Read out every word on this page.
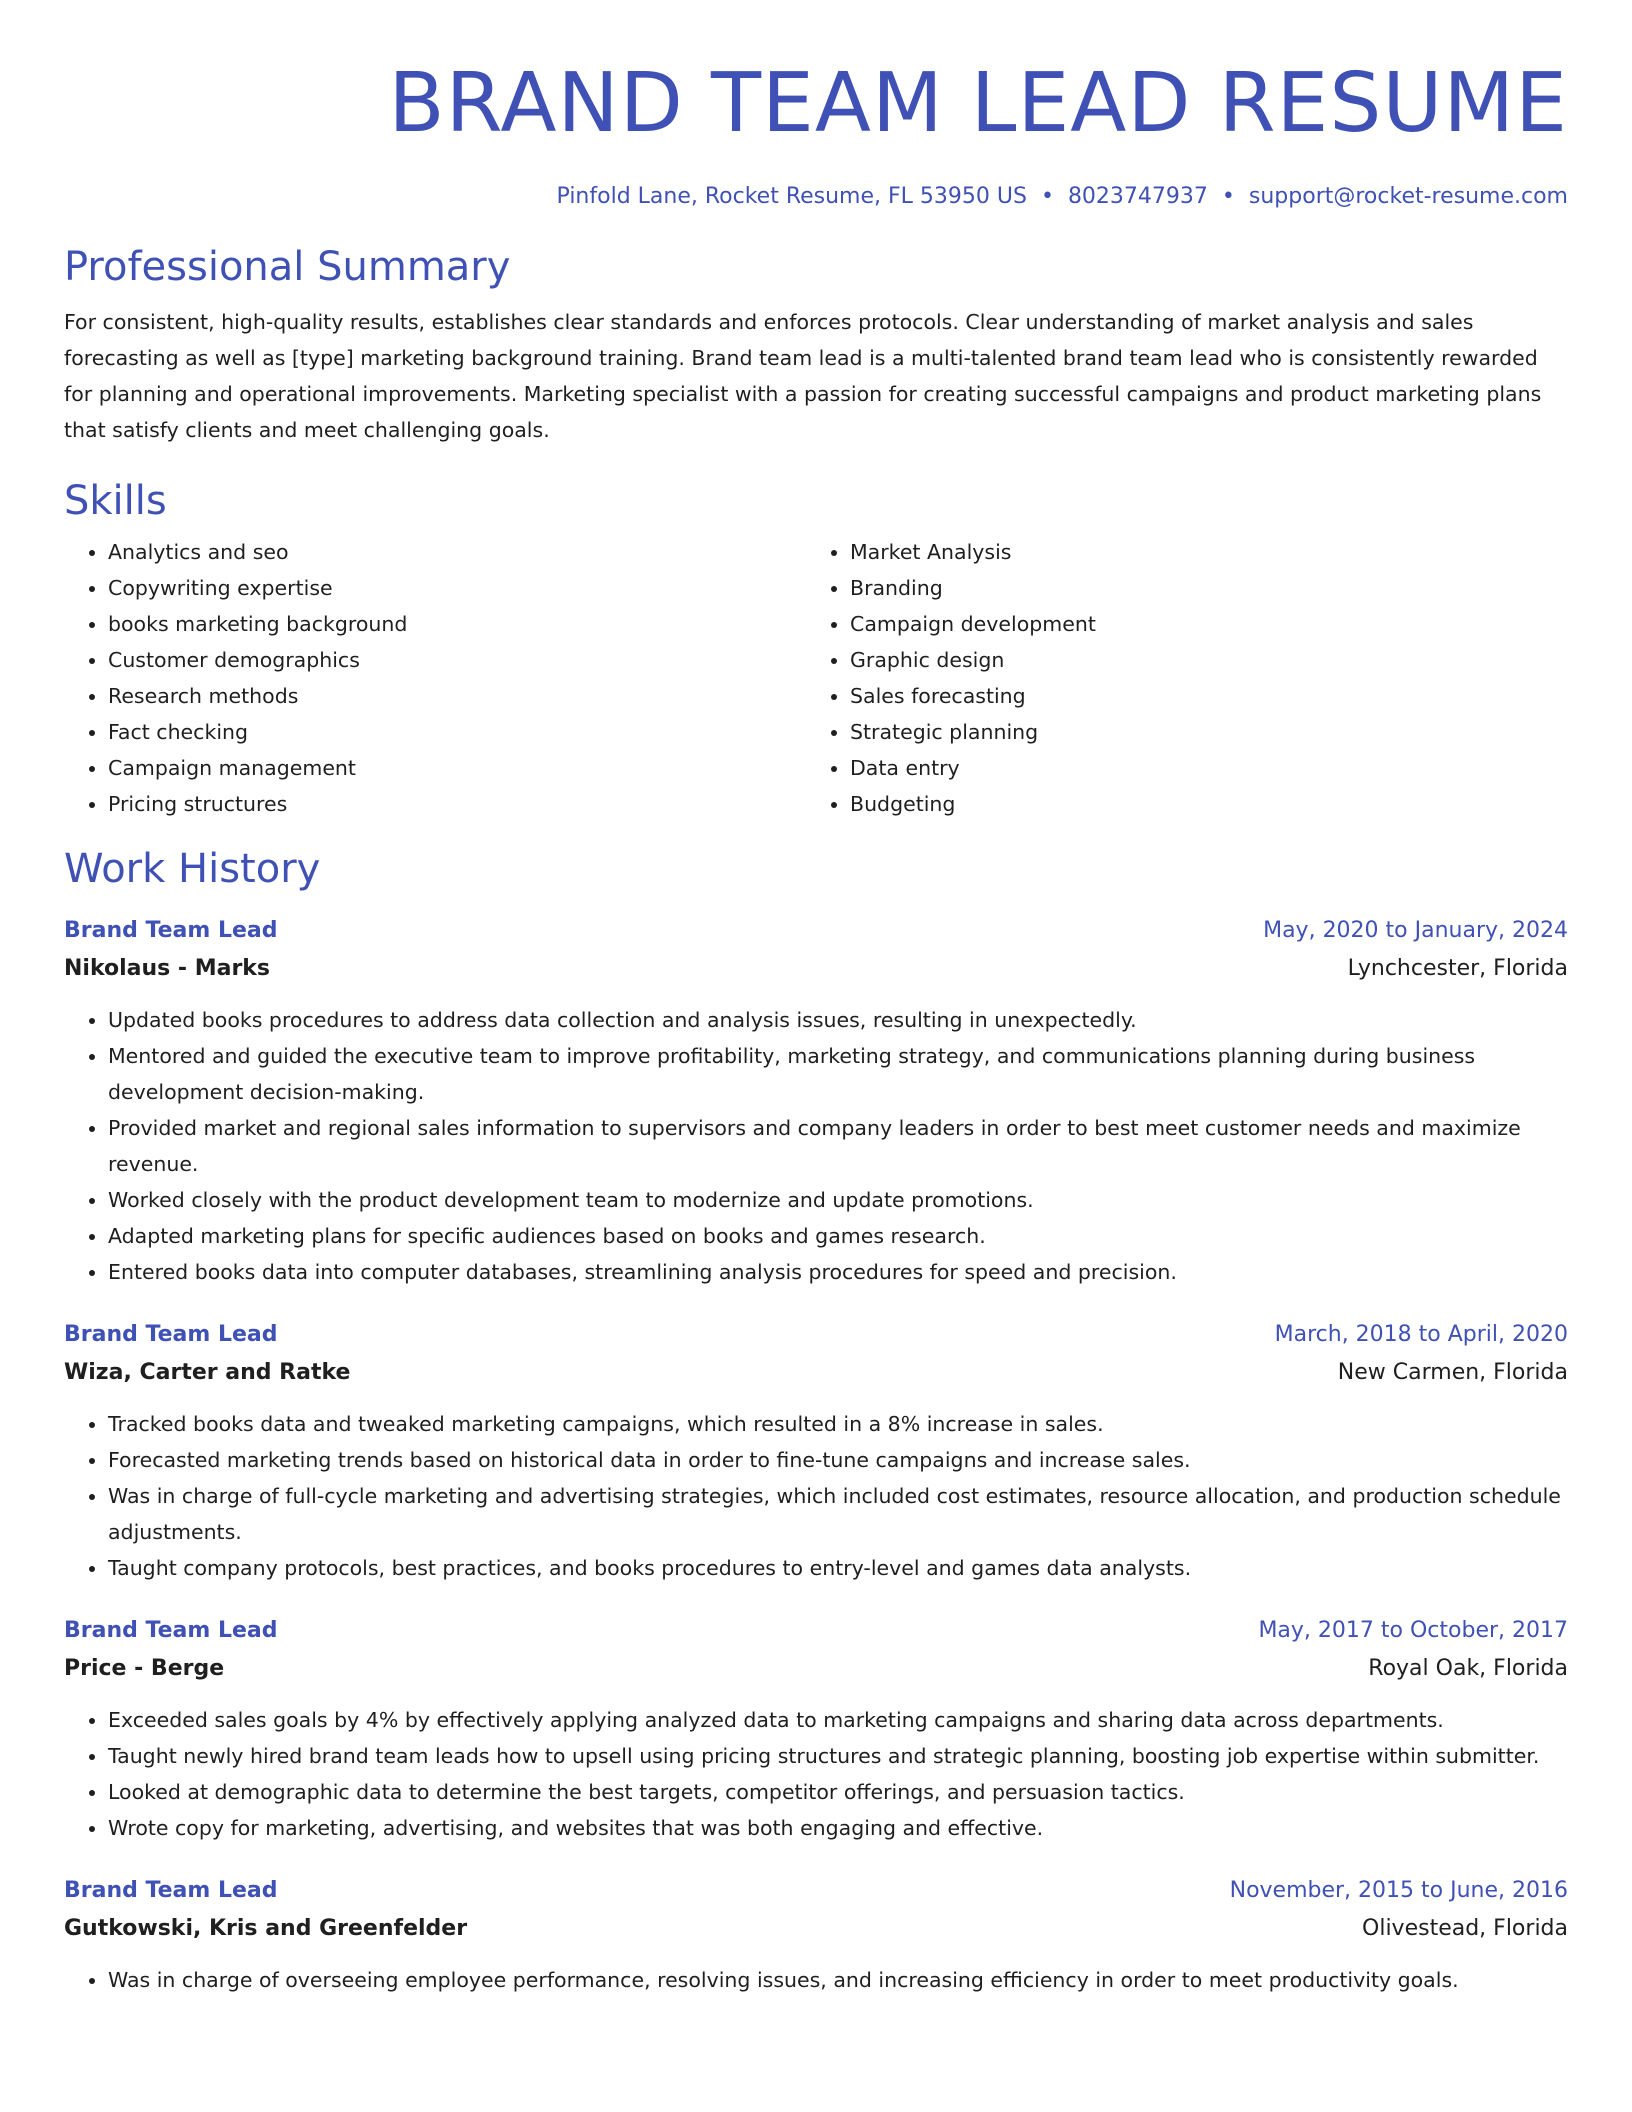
BRAND TEAM LEAD RESUME
Pinfold Lane, Rocket Resume, FL 53950 US • 8023747937 • support@rocket-resume.com
Professional Summary

For consistent, high-quality results, establishes clear standards and enforces protocols. Clear understanding of market analysis and sales forecasting as well as [type] marketing background training. Brand team lead is a multi-talented brand team lead who is consistently rewarded for planning and operational improvements. Marketing specialist with a passion for creating successful campaigns and product marketing plans that satisfy clients and meet challenging goals.

Skills
• Analytics and seo
• Copywriting expertise
• books marketing background
• Customer demographics
• Research methods
• Fact checking
• Campaign management
• Pricing structures
• Market Analysis
• Branding
• Campaign development
• Graphic design
• Sales forecasting
• Strategic planning
• Data entry
• Budgeting
Work History
Brand Team Lead	May, 2020 to January, 2024
Nikolaus - Marks	Lynchcester, Florida
• Updated books procedures to address data collection and analysis issues, resulting in unexpectedly.
• Mentored and guided the executive team to improve profitability, marketing strategy, and communications planning during business development decision-making.
• Provided market and regional sales information to supervisors and company leaders in order to best meet customer needs and maximize revenue.
• Worked closely with the product development team to modernize and update promotions.
• Adapted marketing plans for specific audiences based on books and games research.
• Entered books data into computer databases, streamlining analysis procedures for speed and precision.
Brand Team Lead	March, 2018 to April, 2020
Wiza, Carter and Ratke	New Carmen, Florida
• Tracked books data and tweaked marketing campaigns, which resulted in a 8% increase in sales.
• Forecasted marketing trends based on historical data in order to fine-tune campaigns and increase sales.
• Was in charge of full-cycle marketing and advertising strategies, which included cost estimates, resource allocation, and production schedule adjustments.
• Taught company protocols, best practices, and books procedures to entry-level and games data analysts.
Brand Team Lead	May, 2017 to October, 2017
Price - Berge	Royal Oak, Florida
• Exceeded sales goals by 4% by effectively applying analyzed data to marketing campaigns and sharing data across departments.
• Taught newly hired brand team leads how to upsell using pricing structures and strategic planning, boosting job expertise within submitter.
• Looked at demographic data to determine the best targets, competitor offerings, and persuasion tactics.
• Wrote copy for marketing, advertising, and websites that was both engaging and effective.
Brand Team Lead	November, 2015 to June, 2016
Gutkowski, Kris and Greenfelder	Olivestead, Florida
• Was in charge of overseeing employee performance, resolving issues, and increasing efficiency in order to meet productivity goals.
